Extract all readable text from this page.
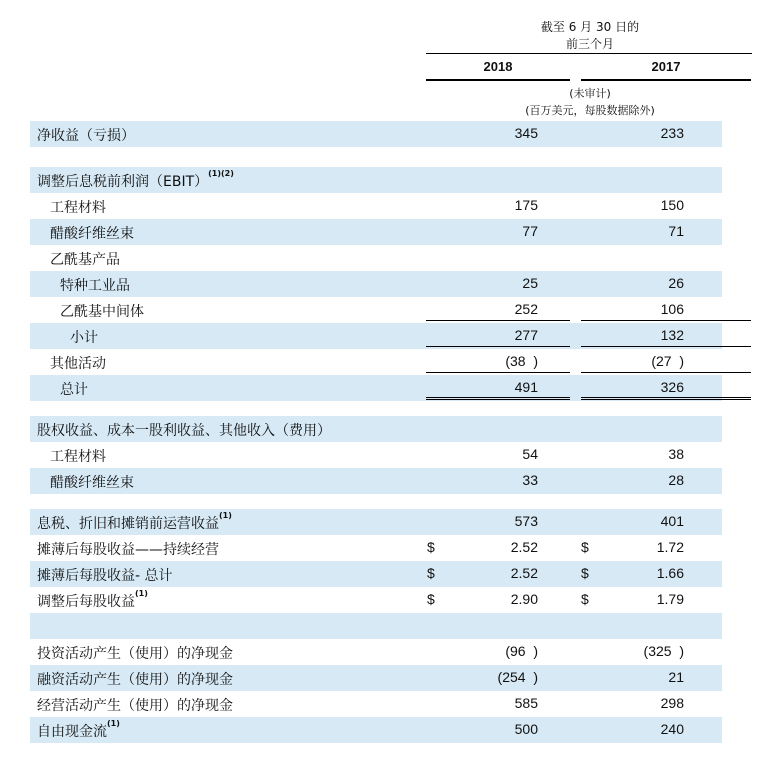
截至 6 月 30 日的
前三个月
2018	2017
(未审计)
(百万美元，每股数据除外)
净收益（亏损）	345	233
调整后息税前利润（EBIT）$^{(1)(2)}$
工程材料	175	150
醋酸纤维丝束	77	71
乙酰基产品
特种工业品	25	26
乙酰基中间体	252	106
小计	277	132
其他活动	(38  )	(27  )
总计	491	326
股权收益、成本一股利收益、其他收入（费用）
工程材料	54	38
醋酸纤维丝束	33	28
息税、折旧和摊销前运营收益$^{(1)}$	573	401
摊薄后每股收益——持续经营	$	2.52	$	1.72
摊薄后每股收益- 总计	$	2.52	$	1.66
调整后每股收益$^{(1)}$	$	2.90	$	1.79
投资活动产生（使用）的净现金	(96  )	(325  )
融资活动产生（使用）的净现金	(254  )	21
经营活动产生（使用）的净现金	585	298
自由现金流$^{(1)}$	500	240
